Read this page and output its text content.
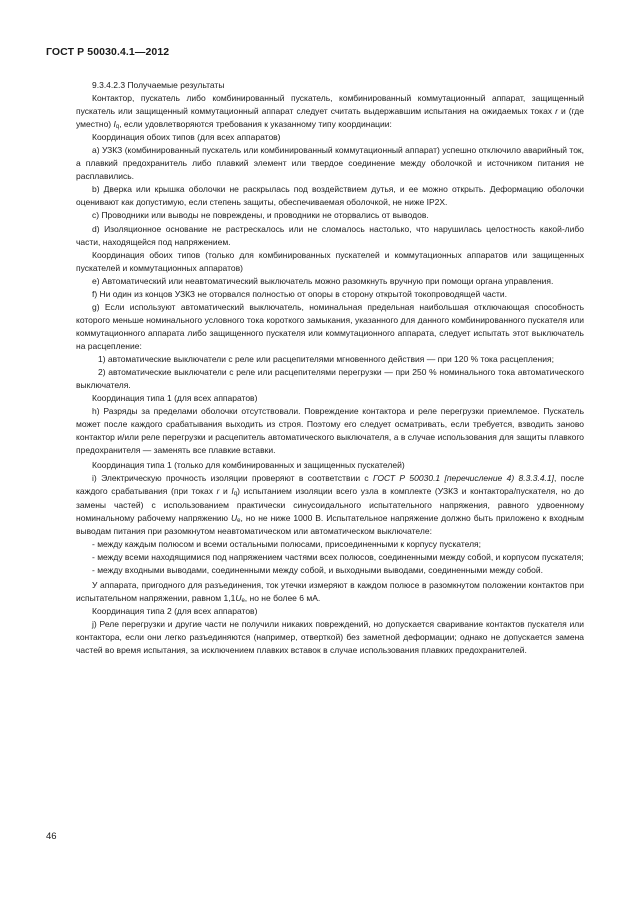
ГОСТ Р 50030.4.1—2012

9.3.4.2.3 Получаемые результаты

Контактор, пускатель либо комбинированный пускатель, комбинированный коммутационный аппарат, защищенный пускатель или защищенный коммутационный аппарат следует считать выдержавшим испытания на ожидаемых токах r и (где уместно) $I_q$, если удовлетворяются требования к указанному типу координации:

Координация обоих типов (для всех аппаратов)

a) УЗКЗ (комбинированный пускатель или комбинированный коммутационный аппарат) успешно отключило аварийный ток, а плавкий предохранитель либо плавкий элемент или твердое соединение между оболочкой и источником питания не расплавились.

b) Дверка или крышка оболочки не раскрылась под воздействием дутья, и ее можно открыть. Деформацию оболочки оценивают как допустимую, если степень защиты, обеспечиваемая оболочкой, не ниже IP2X.

c) Проводники или выводы не повреждены, и проводники не оторвались от выводов.

d) Изоляционное основание не растрескалось или не сломалось настолько, что нарушилась целостность какой-либо части, находящейся под напряжением.

Координация обоих типов (только для комбинированных пускателей и коммутационных аппаратов или защищенных пускателей и коммутационных аппаратов)

e) Автоматический или неавтоматический выключатель можно разомкнуть вручную при помощи органа управления.

f) Ни один из концов УЗКЗ не оторвался полностью от опоры в сторону открытой токопроводящей части.

g) Если используют автоматический выключатель, номинальная предельная наибольшая отключающая способность которого меньше номинального условного тока короткого замыкания, указанного для данного комбинированного пускателя или коммутационного аппарата либо защищенного пускателя или коммутационного аппарата, следует испытать этот выключатель на расцепление:

1) автоматические выключатели с реле или расцепителями мгновенного действия — при 120 % тока расцепления;

2) автоматические выключатели с реле или расцепителями перегрузки — при 250 % номинального тока автоматического выключателя.

Координация типа 1 (для всех аппаратов)

h) Разряды за пределами оболочки отсутствовали. Повреждение контактора и реле перегрузки приемлемое. Пускатель может после каждого срабатывания выходить из строя. Поэтому его следует осматривать, если требуется, взводить заново контактор и/или реле перегрузки и расцепитель автоматического выключателя, а в случае использования для защиты плавкого предохранителя — заменять все плавкие вставки.

Координация типа 1 (только для комбинированных и защищенных пускателей)

i) Электрическую прочность изоляции проверяют в соответствии с ГОСТ Р 50030.1 [перечисление 4) 8.3.3.4.1], после каждого срабатывания (при токах r и $I_q$) испытанием изоляции всего узла в комплекте (УЗКЗ и контактора/пускателя, но до замены частей) с использованием практически синусоидального испытательного напряжения, равного удвоенному номинальному рабочему напряжению $U_e$, но не ниже 1000 В. Испытательное напряжение должно быть приложено к входным выводам питания при разомкнутом неавтоматическом или автоматическом выключателе:

- между каждым полюсом и всеми остальными полюсами, присоединенными к корпусу пускателя;

- между всеми находящимися под напряжением частями всех полюсов, соединенными между собой, и корпусом пускателя;

- между входными выводами, соединенными между собой, и выходными выводами, соединенными между собой.

У аппарата, пригодного для разъединения, ток утечки измеряют в каждом полюсе в разомкнутом положении контактов при испытательном напряжении, равном $1,1U_e$, но не более 6 мА.

Координация типа 2 (для всех аппаратов)

j) Реле перегрузки и другие части не получили никаких повреждений, но допускается сваривание контактов пускателя или контактора, если они легко разъединяются (например, отверткой) без заметной деформации; однако не допускается замена частей во время испытания, за исключением плавких вставок в случае использования плавких предохранителей.

46
